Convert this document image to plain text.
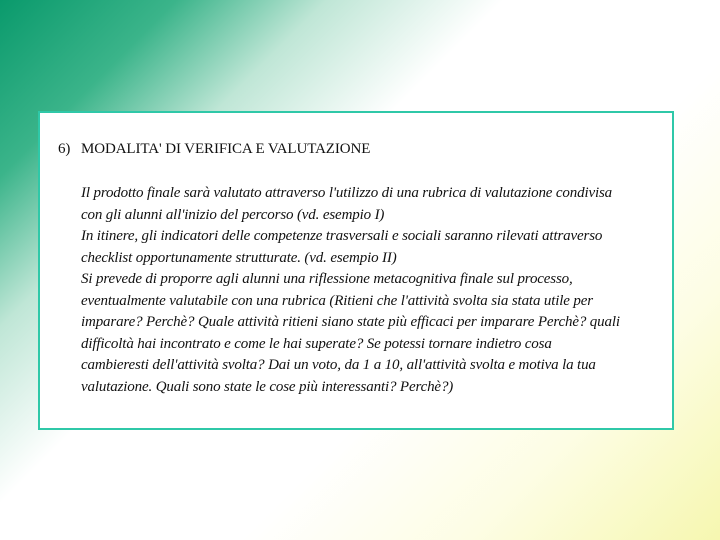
6) MODALITA' DI VERIFICA E VALUTAZIONE
Il prodotto finale sarà valutato attraverso l'utilizzo di una rubrica di valutazione condivisa
con gli alunni all'inizio del percorso (vd. esempio I)
In itinere, gli indicatori delle competenze trasversali e sociali saranno rilevati attraverso
checklist opportunamente strutturate. (vd. esempio II)
Si prevede di proporre agli alunni una riflessione metacognitiva finale sul processo,
eventualmente valutabile con una rubrica (Ritieni che l'attività svolta sia stata utile per
imparare? Perchè? Quale attività ritieni siano state più efficaci per imparare Perchè? quali
difficoltà hai incontrato e come le hai superate? Se potessi tornare indietro cosa
cambieresti dell'attività svolta? Dai un voto, da 1 a 10, all'attività svolta e motiva la tua
valutazione. Quali sono state le cose più interessanti? Perchè?)
